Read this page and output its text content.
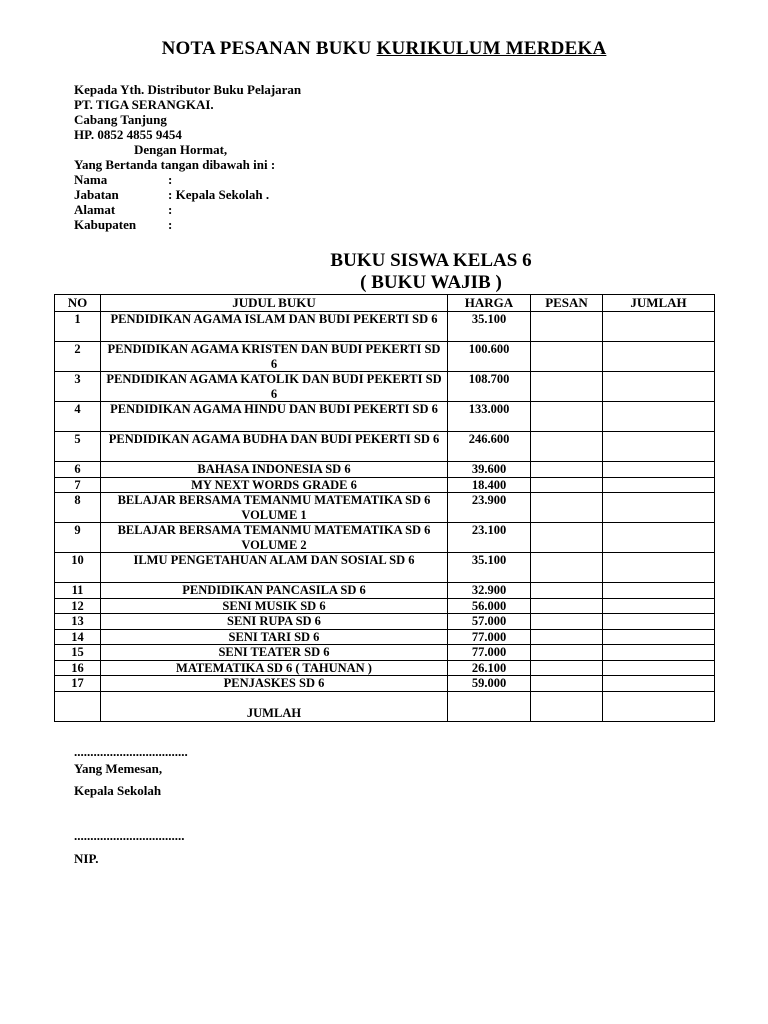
NOTA PESANAN BUKU KURIKULUM MERDEKA
Kepada Yth. Distributor Buku Pelajaran
PT. TIGA SERANGKAI.
Cabang Tanjung
HP. 0852 4855 9454
Dengan Hormat,
Yang Bertanda tangan dibawah ini :
Nama	:
Jabatan	: Kepala Sekolah .
Alamat	:
Kabupaten	:
BUKU SISWA KELAS 6
( BUKU WAJIB )
NO	JUDUL BUKU	HARGA	PESAN	JUMLAH
1	PENDIDIKAN AGAMA ISLAM DAN BUDI PEKERTI SD 6	35.100		
2	PENDIDIKAN AGAMA KRISTEN DAN BUDI PEKERTI SD 6	100.600		
3	PENDIDIKAN AGAMA KATOLIK DAN BUDI PEKERTI SD 6	108.700		
4	PENDIDIKAN AGAMA HINDU DAN BUDI PEKERTI SD 6	133.000		
5	PENDIDIKAN AGAMA BUDHA DAN BUDI PEKERTI SD 6	246.600		
6	BAHASA INDONESIA SD 6	39.600		
7	MY NEXT WORDS GRADE 6	18.400		
8	BELAJAR BERSAMA TEMANMU MATEMATIKA SD 6 VOLUME 1	23.900		
9	BELAJAR BERSAMA TEMANMU MATEMATIKA SD 6 VOLUME 2	23.100		
10	ILMU PENGETAHUAN ALAM DAN SOSIAL SD 6	35.100		
11	PENDIDIKAN PANCASILA SD 6	32.900		
12	SENI MUSIK SD 6	56.000		
13	SENI RUPA SD 6	57.000		
14	SENI TARI SD 6	77.000		
15	SENI TEATER SD 6	77.000		
16	MATEMATIKA SD 6 ( TAHUNAN )	26.100		
17	PENJASKES SD 6	59.000		
	JUMLAH			
...................................
Yang Memesan,
Kepala Sekolah
..................................
NIP.
